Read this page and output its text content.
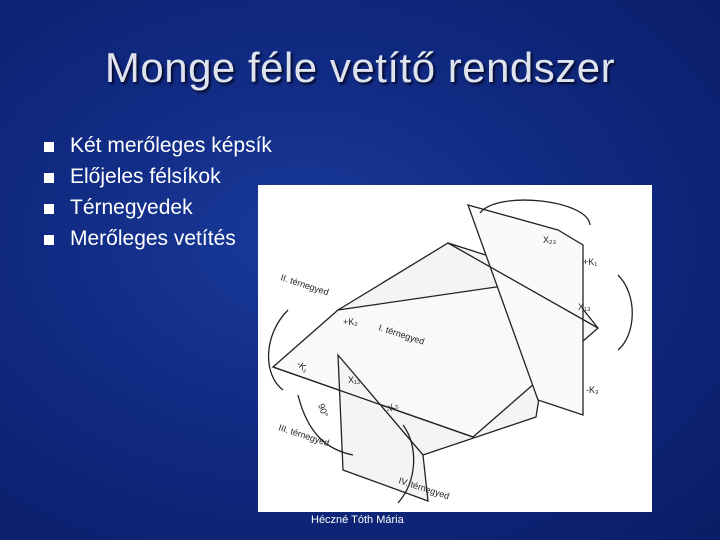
Monge féle vetítő rendszer
Két merőleges képsík
Előjeles félsíkok
Térnegyedek
Merőleges vetítés	X₂₃
+K₁
X₁₃
+K₂
I. térnegyed
II. térnegyed
X₁₂
-K₁
90°	-K₂
-K₃
III. térnegyed
IV. térnegyed
Héczné Tóth Mária
